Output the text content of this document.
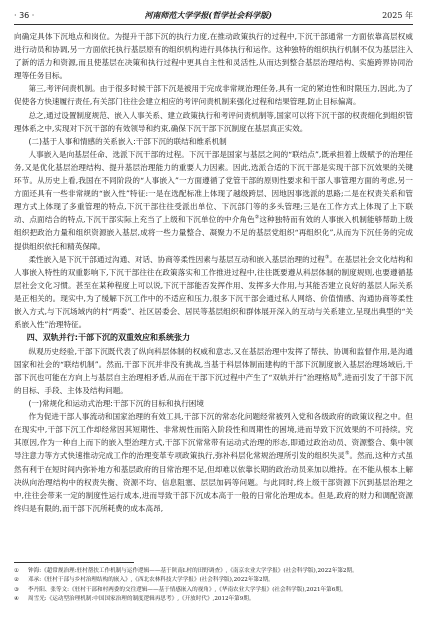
· 36 ·	河南师范大学学报(哲学社会科学版)	2025 年

向确定具体下沉地点和岗位。为提升干部下沉的执行力度,在推动政策执行的过程中,下沉干部通常一方面依靠高层权威进行动员和协调,另一方面依托执行基层原有的组织机构进行具体执行和运作。这种独特的组织执行机制不仅为基层注入了新的活力和资源,而且使基层在决策和执行过程中更具自主性和灵活性,从而达到整合基层治理结构、实施跨界协同治理等任务目标。

第三,考评问责机制。由于很多时候干部下沉是被用于完成非常规治理任务,具有一定的紧迫性和时限压力,因此,为了促使各方快速履行责任,有关部门往往会建立相应的考评问责机制来强化过程和结果管理,防止目标偏离。

总之,通过设置制度规范、嵌入人事关系、建立政策执行和考评问责机制等,国家可以将下沉干部的权责细化到组织管理体系之中,实现对下沉干部的有效领导和约束,确保下沉干部下沉制度在基层真正实效。

(二)基于人事和情感的关系嵌入:干部下沉的联结和维系机制

人事嵌入是向基层任命、选派下沉干部的过程。下沉干部是国家与基层之间的“联结点”,既承担着上级赋予的治理任务,又是优化基层治理结构、提升基层治理能力的重要人力因素。因此,选派合适的下沉干部是实现干部下沉效果的关键环节。从历史上看,我国在不同阶段的“人事嵌入”一方面遵循了党管干部的原则性要求和干部人事管理方面的考虑,另一方面还具有一些非常规的“嵌入性”特征:一是在选配标准上体现了越级跨层、因地因事选派的思路;二是在权责关系和管理方式上体现了多重管理的特点,下沉干部往往受派出单位、下沉部门等的多头管理;三是在工作方式上体现了上下联动、点面结合的特点,下沉干部实际上充当了上级和下沉单位的中介角色②这种独特而有效的人事嵌入机制能够帮助上级组织把政治力量和组织资源嵌入基层,成将一些力量整合、凝聚力不足的基层党组织“再组织化”,从而为下沉任务的完成提供组织依托和精英保障。

柔性嵌入是下沉干部通过沟通、对话、协商等柔性因素与基层互动和嵌入基层治理的过程③。在基层社会文化结构和人事嵌入特性的双重影响下,下沉干部往往在政策落实和工作推进过程中,往往既要遵从科层体制的制度规则,也要遵循基层社会文化习惯。甚至在某种程度上可以说,下沉干部能否发挥作用、发挥多大作用,与其能否建立良好的基层人际关系是正相关的。现实中,为了缓解下沉工作中的不适应和压力,很多下沉干部会通过私人网络、价值情感、沟通协商等柔性嵌入方式,与下沉场域内的村“两委”、社区居委会、居民等基层组织和群体展开深入的互动与关系建立,呈现出典型的“关系嵌入性”治理特征。

四、双轨并行:干部下沉的双重效应和系统张力

纵观历史经验,干部下沉既代表了纵向科层体制的权威和意志,又在基层治理中发挥了帮扶、协调和监督作用,是沟通国家和社会的“联结机制”。然而,干部下沉并非没有挑战,当基于科层体制而建构的干部下沉制度嵌入基层治理场域后,干部下沉也可能在方向上与基层自主治理相矛盾,从而在干部下沉过程中产生了“双轨并行”治理格局④,进而引发了干部下沉的目标、手段、主体及结构问题。

(一)常规化和运动式治理:干部下沉的目标和执行困境

作为促进干部人事流动和国家治理的有效工具,干部下沉的常态化问题经常被列入党和各级政府的政策议程之中。但在现实中,干部下沉工作却经常因其短期性、非常规性而陷入阶段性和周期性的困境,进而导致下沉效果的不可持续。究其原因,作为一种自上而下的嵌入型治理方式,干部下沉常常带有运动式治理的形态,即通过政治动员、资源整合、集中领导注意力等方式快速推动完成工作的治理变革专项政策执行,弥补科层化常规治理所引发的组织失灵⑤。然而,这种方式虽然有利于在短时间内弥补地方和基层政府的目常治理不足,但却难以依靠长期的政治动员来加以维持。在不能从根本上解决纵向治理结构中的权责失衡、资源不均、信息阻塞、层层加码等问题。与此同时,终上级干部资源下沉到基层治理之中,往往会带来一定的制度性运行成本,进而导致干部下沉成本高于一般的日常化治理成本。但是,政府的财力和调配资源终归是有限的,而干部下沉所耗费的成本高昂,

①	钟海:《超常规治理:驻村帮扶工作机制与运作逻辑——基于陕南L村的田野调查》,《南京农业大学学报》(社会科学版),2022年第2期。
②	邓承:《驻村干部与乡村治理结构的嵌入》,《西北农林科技大学学报》(社会科学版),2022年第2期。
③	李丹阳、张等文:《驻村干部和村两委的交往逻辑——基于情感嵌入的视角》,《华南农业大学学报》(社会科学版),2021年第6期。
④	周雪光:《运动型治理机制:中国国家治理的制度逻辑再思考》,《开放时代》,2012年第9期。
